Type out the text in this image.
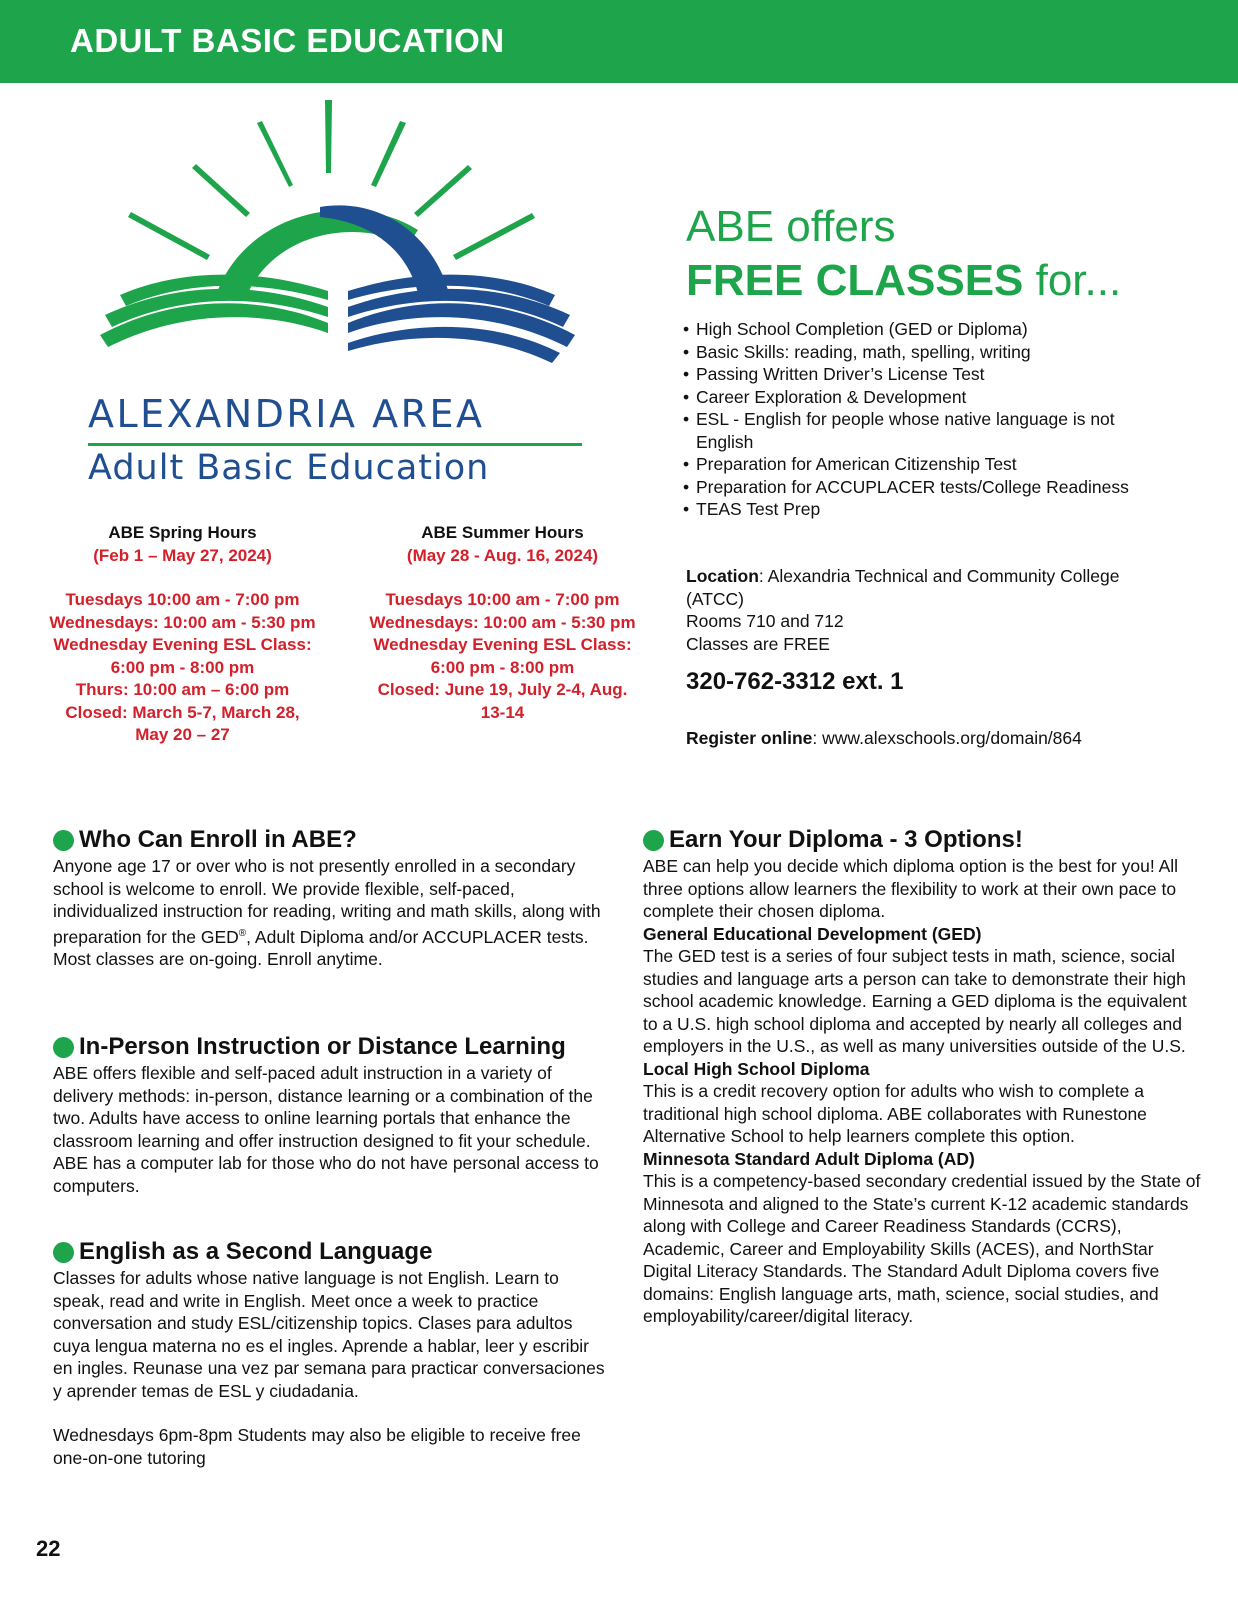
ADULT BASIC EDUCATION
ALEXANDRIA AREA
Adult Basic Education
ABE Spring Hours
(Feb 1 – May 27, 2024)
Tuesdays 10:00 am - 7:00 pm
Wednesdays: 10:00 am - 5:30 pm
Wednesday Evening ESL Class:
6:00 pm - 8:00 pm
Thurs: 10:00 am – 6:00 pm
Closed: March 5-7, March 28,
May 20 – 27
ABE Summer Hours
(May 28 - Aug. 16, 2024)
Tuesdays 10:00 am - 7:00 pm
Wednesdays: 10:00 am - 5:30 pm
Wednesday Evening ESL Class:
6:00 pm - 8:00 pm
Closed: June 19, July 2-4, Aug.
13-14
ABE offers
FREE CLASSES for...
• High School Completion (GED or Diploma)
• Basic Skills: reading, math, spelling, writing
• Passing Written Driver’s License Test
• Career Exploration & Development
• ESL - English for people whose native language is not English
• Preparation for American Citizenship Test
• Preparation for ACCUPLACER tests/College Readiness
• TEAS Test Prep
Location: Alexandria Technical and Community College (ATCC)
Rooms 710 and 712
Classes are FREE
320-762-3312 ext. 1
Register online: www.alexschools.org/domain/864
Who Can Enroll in ABE?

Anyone age 17 or over who is not presently enrolled in a secondary school is welcome to enroll. We provide flexible, self-paced, individualized instruction for reading, writing and math skills, along with preparation for the GED®, Adult Diploma and/or ACCUPLACER tests. Most classes are on-going. Enroll anytime.

In-Person Instruction or Distance Learning

ABE offers flexible and self-paced adult instruction in a variety of delivery methods: in-person, distance learning or a combination of the two. Adults have access to online learning portals that enhance the classroom learning and offer instruction designed to fit your schedule. ABE has a computer lab for those who do not have personal access to computers.

English as a Second Language

Classes for adults whose native language is not English. Learn to speak, read and write in English. Meet once a week to practice conversation and study ESL/citizenship topics. Clases para adultos cuya lengua materna no es el ingles. Aprende a hablar, leer y escribir en ingles. Reunase una vez par semana para practicar conversaciones y aprender temas de ESL y ciudadania.

Wednesdays 6pm-8pm Students may also be eligible to receive free one-on-one tutoring

Earn Your Diploma - 3 Options!

ABE can help you decide which diploma option is the best for you! All three options allow learners the flexibility to work at their own pace to complete their chosen diploma.

General Educational Development (GED)

The GED test is a series of four subject tests in math, science, social studies and language arts a person can take to demonstrate their high school academic knowledge. Earning a GED diploma is the equivalent to a U.S. high school diploma and accepted by nearly all colleges and employers in the U.S., as well as many universities outside of the U.S.

Local High School Diploma

This is a credit recovery option for adults who wish to complete a traditional high school diploma. ABE collaborates with Runestone Alternative School to help learners complete this option.

Minnesota Standard Adult Diploma (AD)

This is a competency-based secondary credential issued by the State of Minnesota and aligned to the State’s current K-12 academic standards along with College and Career Readiness Standards (CCRS), Academic, Career and Employability Skills (ACES), and NorthStar Digital Literacy Standards. The Standard Adult Diploma covers five domains: English language arts, math, science, social studies, and employability/career/digital literacy.

22
